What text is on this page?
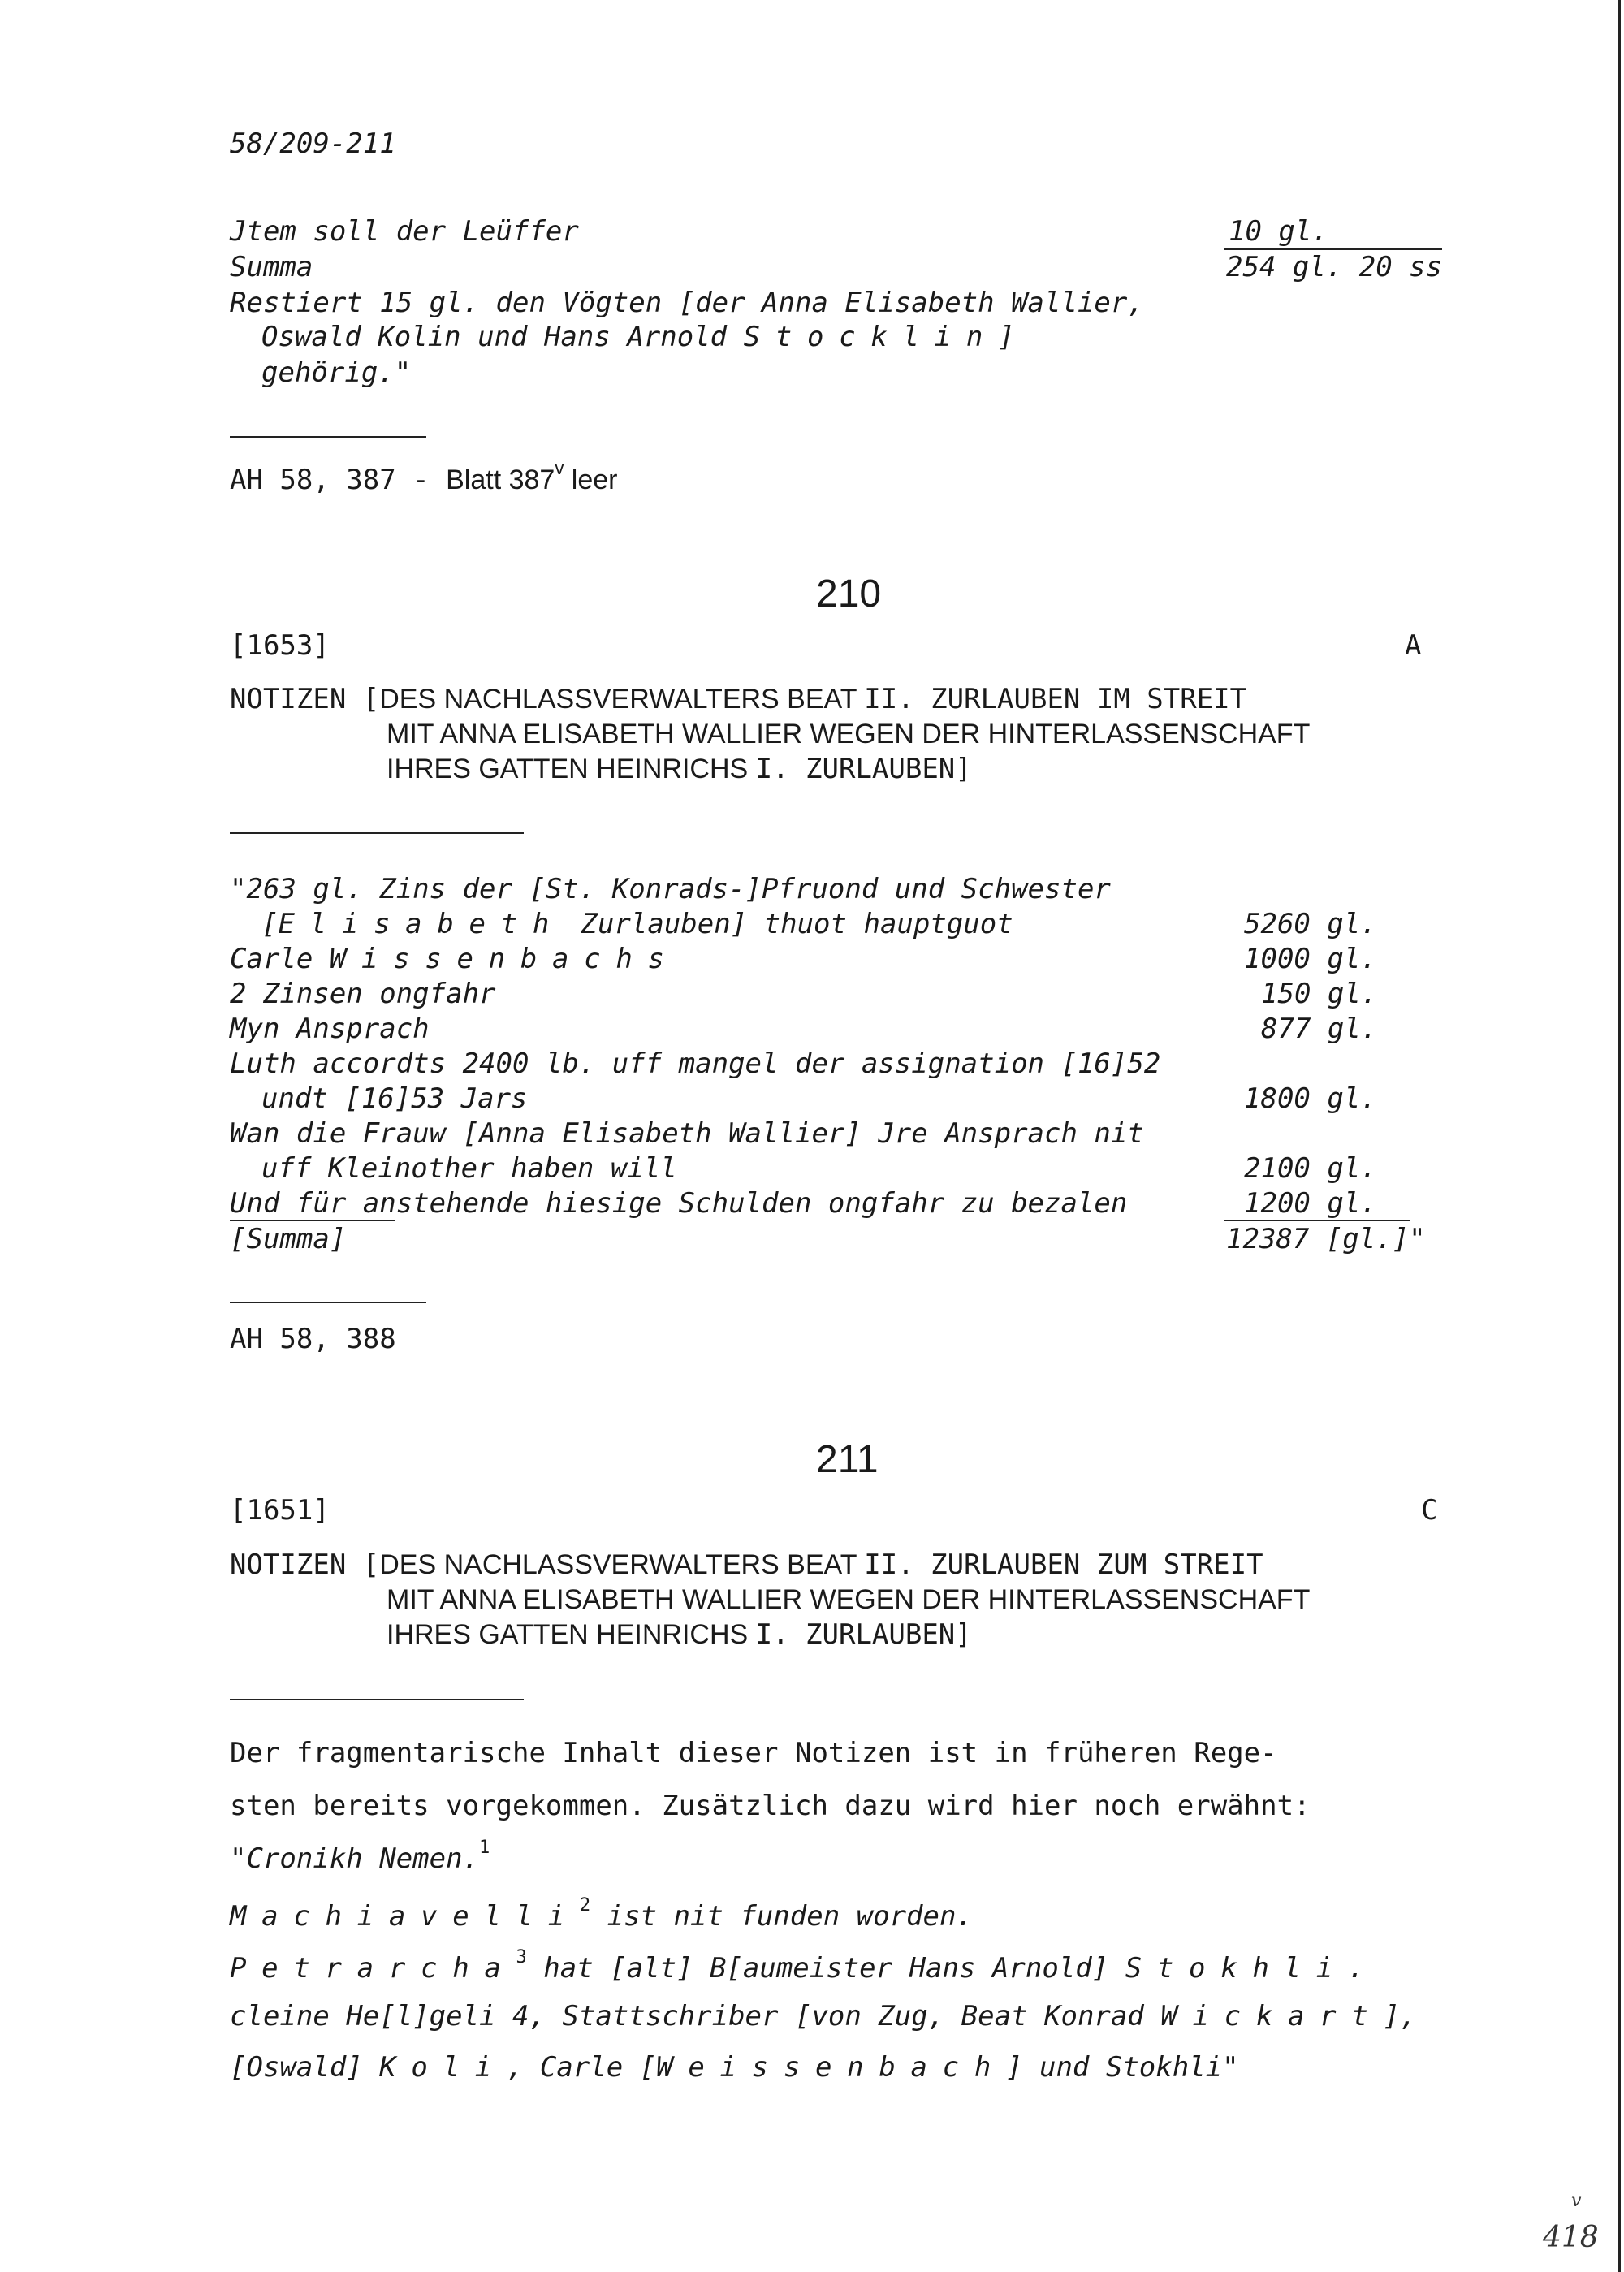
58/209-211
Jtem soll der Leüffer	10 gl.
Summa	254 gl. 20 ss
Restiert 15 gl. den Vögten [der Anna Elisabeth Wallier,
Oswald Kolin und Hans Arnold Stocklin]
gehörig."
AH 58, 387 - Blatt 387$^v$ leer
210
[1653]	A
NOTIZEN [DES NACHLASSVERWALTERS BEAT II. ZURLAUBEN IM STREIT
MIT ANNA ELISABETH WALLIER WEGEN DER HINTERLASSENSCHAFT
IHRES GATTEN HEINRICHS I. ZURLAUBEN]
"263 gl. Zins der [St. Konrads-]Pfruond und Schwester
[Elisabeth Zurlauben] thuot hauptguot	5260 gl.
Carle Wissenbachs	1000 gl.
2 Zinsen ongfahr	150 gl.
Myn Ansprach	877 gl.
Luth accordts 2400 lb. uff mangel der assignation [16]52
undt [16]53 Jars	1800 gl.
Wan die Frauw [Anna Elisabeth Wallier] Jre Ansprach nit
uff Kleinother haben will	2100 gl.
Und für anstehende hiesige Schulden ongfahr zu bezalen	1200 gl.
[Summa]	12387 [gl.]"
AH 58, 388
211
[1651]	C
NOTIZEN [DES NACHLASSVERWALTERS BEAT II. ZURLAUBEN ZUM STREIT
MIT ANNA ELISABETH WALLIER WEGEN DER HINTERLASSENSCHAFT
IHRES GATTEN HEINRICHS I. ZURLAUBEN]
Der fragmentarische Inhalt dieser Notizen ist in früheren Rege-
sten bereits vorgekommen. Zusätzlich dazu wird hier noch erwähnt:
"Cronikh Nemen.$^1$
Machiavelli$^2$ ist nit funden worden.
Petrarcha$^3$ hat [alt] B[aumeister Hans Arnold] Stokhli.
cleine He[l]geli 4, Stattschriber [von Zug, Beat Konrad Wickart],
[Oswald] Koli, Carle [Weissenbach] und Stokhli"
v
418
